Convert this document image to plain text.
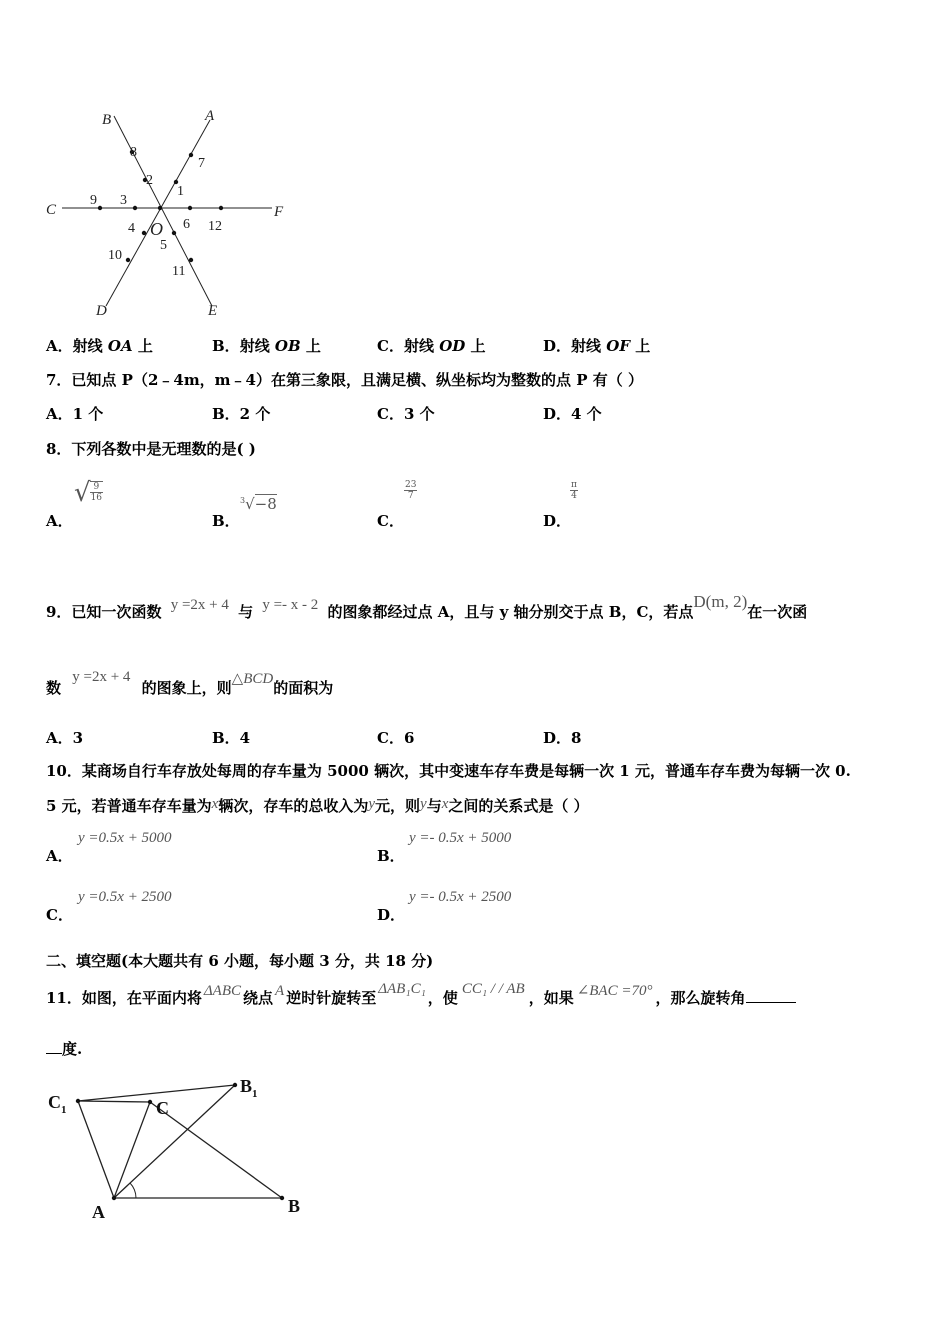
B	A
C	F
D	E
O
8
2
1
7
9 3
6 12
4
5
10
11
A．射线 OA 上	B．射线 OB 上	C．射线 OD 上	D．射线 OF 上
7．已知点 P（2﹣4m，m﹣4）在第三象限，且满足横、纵坐标均为整数的点 P 有（ ）
A．1 个	B．2 个	C．3 个	D．4 个
8．下列各数中是无理数的是( )
A．
√ $\frac{9}{16}$
B．
$^3$√−8
C．
$\frac{23}{7}$
D．
$\frac{\pi}{4}$
9．已知一次函数 y =2x + 4 与 y =- x - 2 的图象都经过点 A，且与 y 轴分别交于点 B，C，若点D(m, 2)在一次函
数 y =2x + 4 的图象上，则△BCD的面积为
A．3	B．4	C．6	D．8
10．某商场自行车存放处每周的存车量为 5000 辆次，其中变速车存车费是每辆一次 1 元，普通车存车费为每辆一次 0.
5 元，若普通车存车量为x辆次，存车的总收入为y元，则y与x之间的关系式是（ ）
A．
y =0.5x + 5000
B．
y =- 0.5x + 5000
C．
y =0.5x + 2500
D．
y =- 0.5x + 2500
二、填空题(本大题共有 6 小题，每小题 3 分，共 18 分)
11．如图，在平面内将 ΔABC 绕点 A 逆时针旋转至 ΔAB₁C₁ ，使 CC₁ / / AB ，如果 ∠BAC =70° ，那么旋转角
度.
$C_1$	C
$B_1$
A	B
